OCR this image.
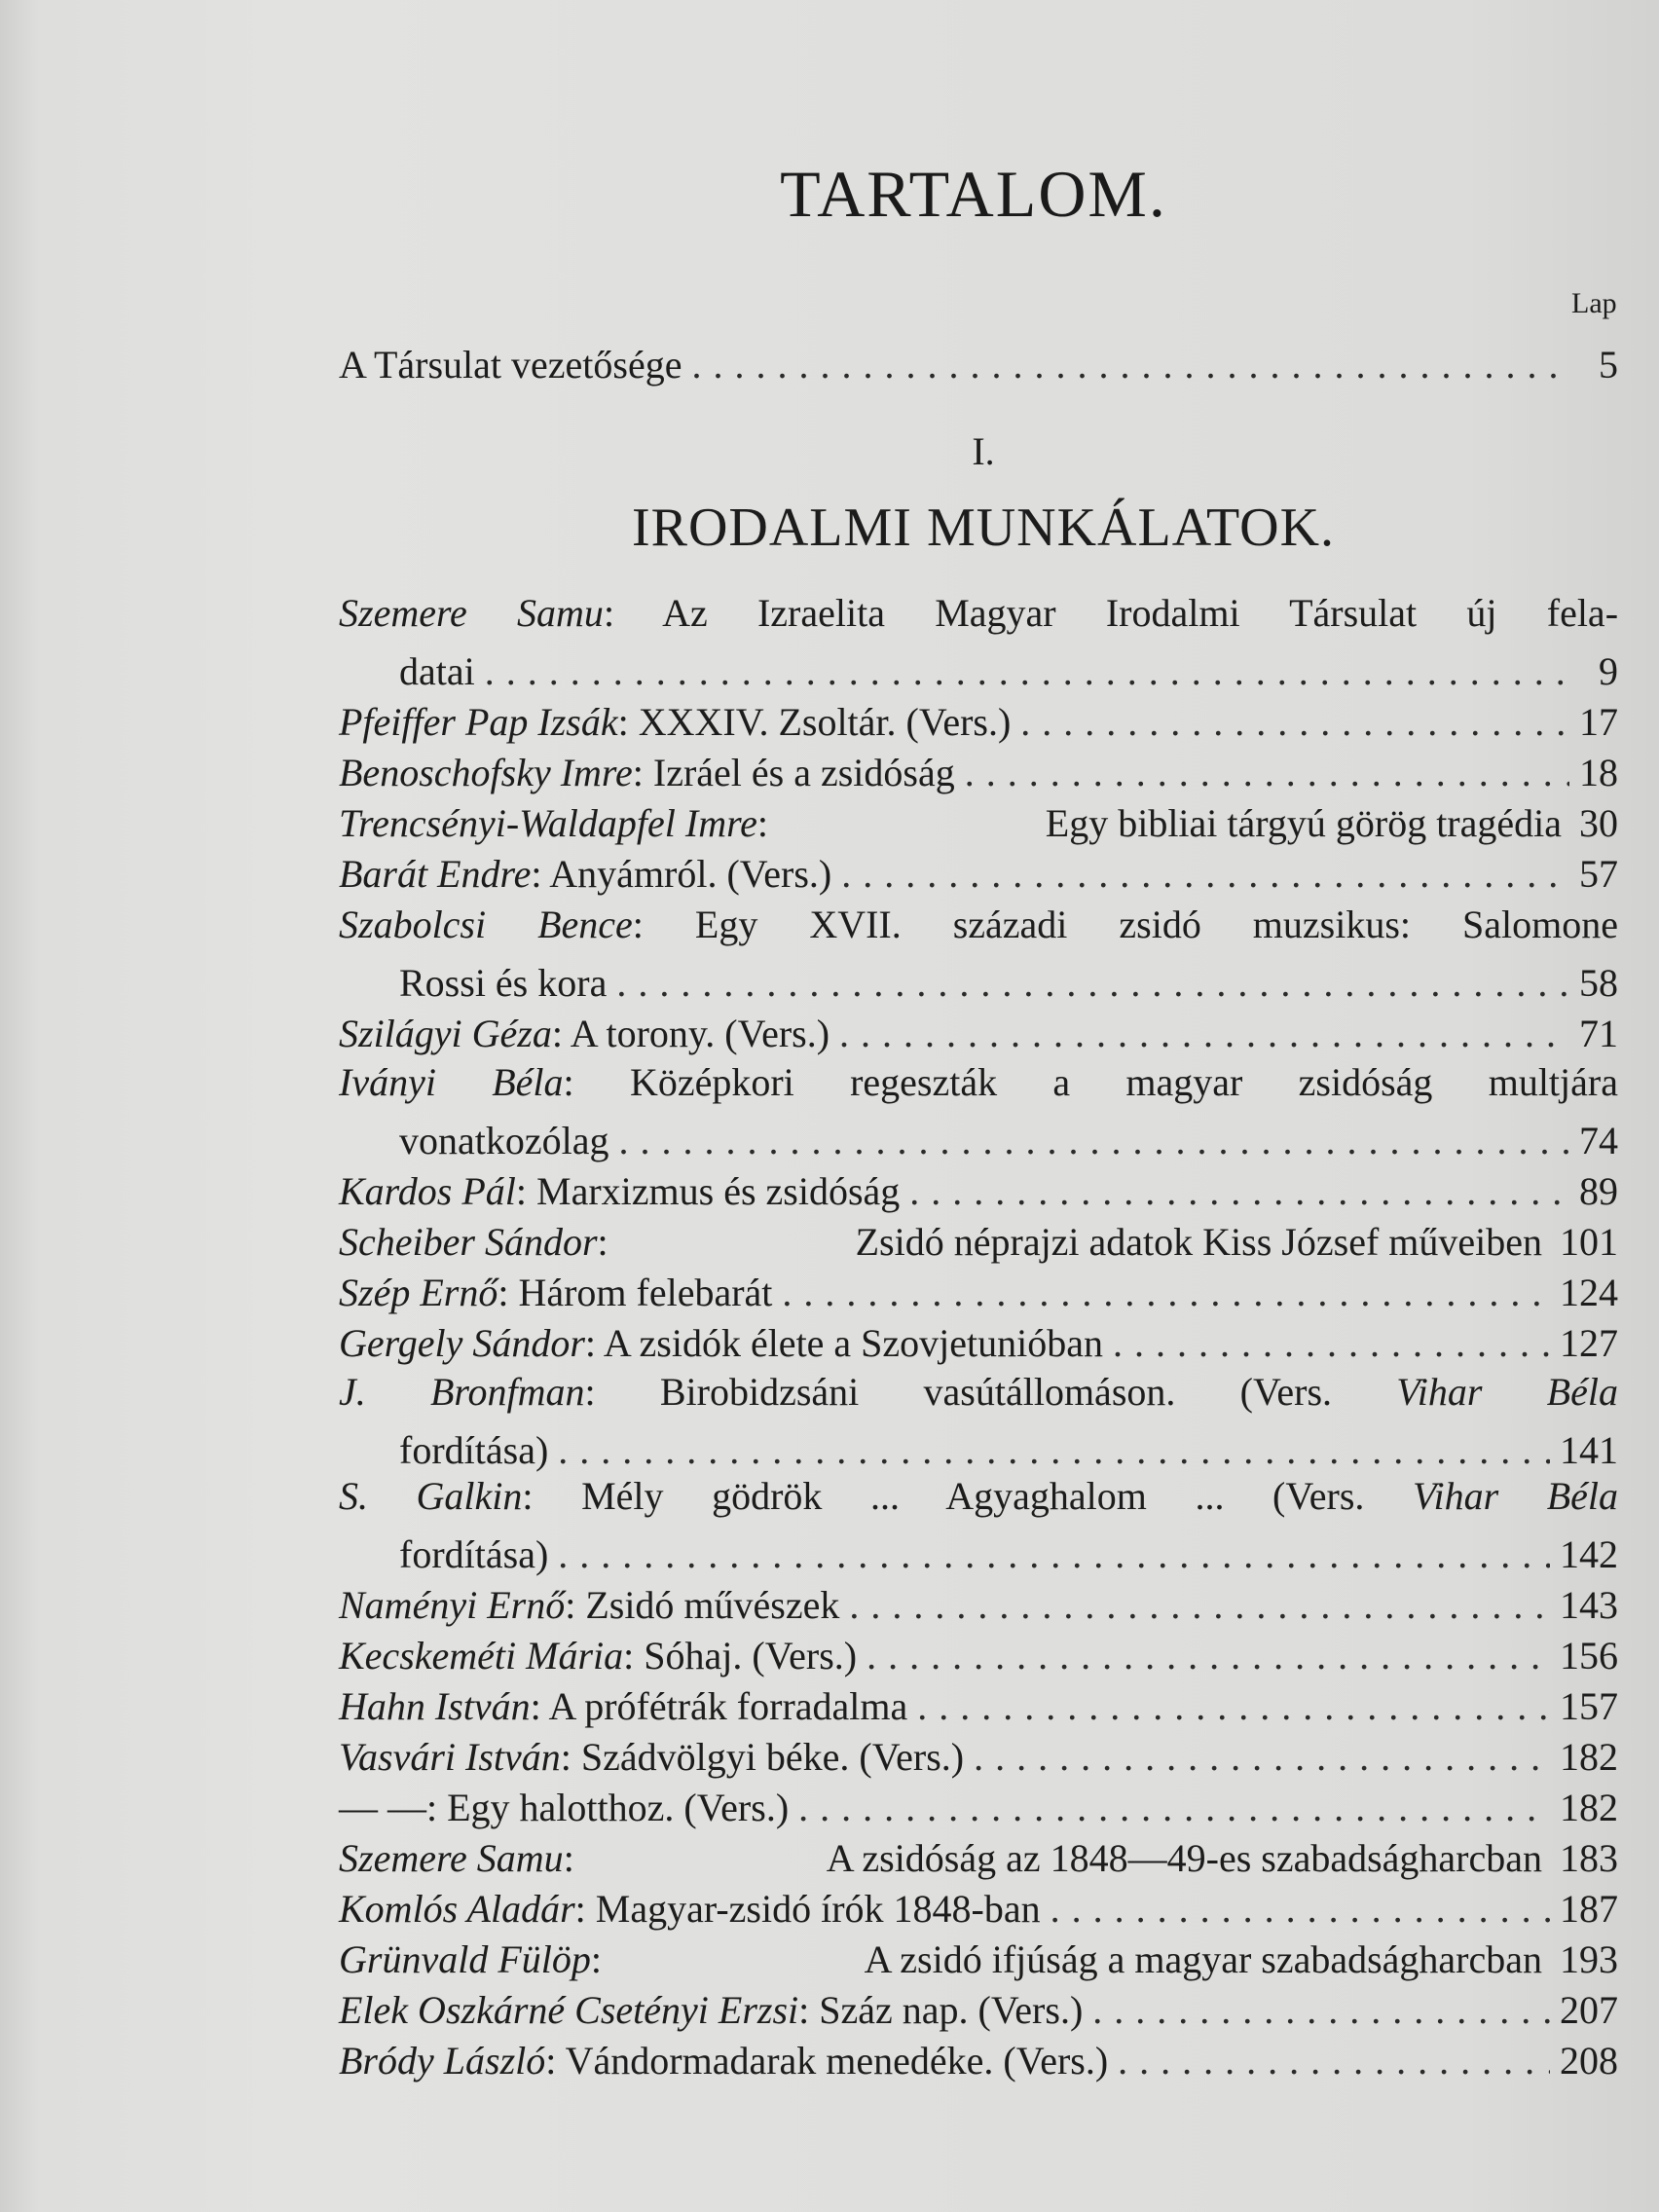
TARTALOM.
Lap
A Társulat vezetősége . . .	5
I.
IRODALMI MUNKÁLATOK.
Szemere Samu: Az Izraelita Magyar Irodalmi Társulat új fela-
datai . . .	9
Pfeiffer Pap Izsák: XXXIV. Zsoltár. (Vers.) . . .	17
Benoschofsky Imre: Izráel és a zsidóság . . .	18
Trencsényi-Waldapfel Imre:	Egy bibliai tárgyú görög tragédia 30
Barát Endre: Anyámról. (Vers.) . . .	57
Szabolcsi Bence: Egy XVII. századi zsidó muzsikus: Salomone
Rossi és kora . . .	58
Szilágyi Géza: A torony. (Vers.) . . .	71
Iványi Béla: Középkori regeszták a magyar zsidóság multjára
vonatkozólag . . .	74
Kardos Pál: Marxizmus és zsidóság . . .	89
Scheiber Sándor:	Zsidó néprajzi adatok Kiss József műveiben 101
Szép Ernő: Három felebarát . . .	124
Gergely Sándor: A zsidók élete a Szovjetunióban . . .	127
J. Bronfman: Birobidzsáni vasútállomáson. (Vers. Vihar Béla
fordítása) . . .	141
S. Galkin: Mély gödrök ... Agyaghalom ... (Vers. Vihar Béla
fordítása) . . .	142
Naményi Ernő: Zsidó művészek . . .	143
Kecskeméti Mária: Sóhaj. (Vers.) . . .	156
Hahn István: A prófétrák forradalma . . .	157
Vasvári István: Szádvölgyi béke. (Vers.) . . .	182
— —: Egy halotthoz. (Vers.) . . .	182
Szemere Samu:	A zsidóság az 1848—49-es szabadságharcban 183
Komlós Aladár: Magyar-zsidó írók 1848-ban . . .	187
Grünvald Fülöp:	A zsidó ifjúság a magyar szabadságharcban 193
Elek Oszkárné Csetényi Erzsi: Száz nap. (Vers.) . . .	207
Bródy László: Vándormadarak menedéke. (Vers.) . . .	208
